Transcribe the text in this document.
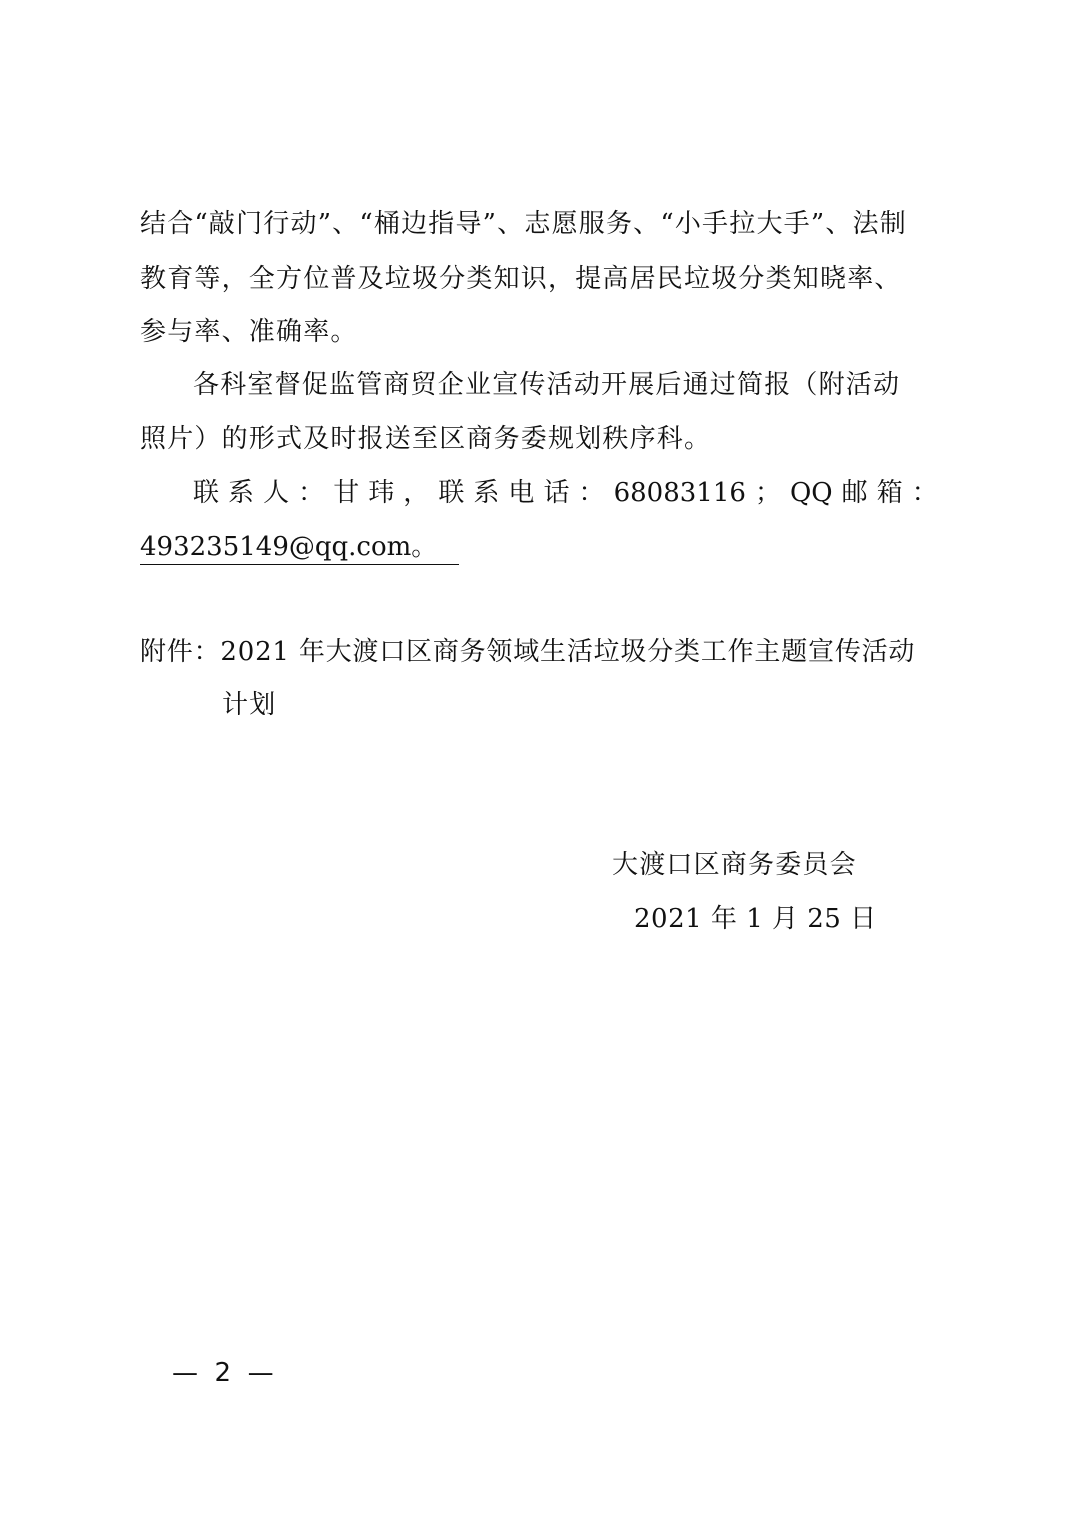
结合“敲门行动”、“桶边指导”、志愿服务、“小手拉大手”、法制
教育等，全方位普及垃圾分类知识，提高居民垃圾分类知晓率、
参与率、准确率。
各科室督促监管商贸企业宣传活动开展后通过简报（附活动
照片）的形式及时报送至区商务委规划秩序科。
联 系 人 ： 甘 玮 ， 联 系 电 话 ： 68083116 ； QQ 邮 箱 ：
493235149@qq.com。
附件：2021 年大渡口区商务领域生活垃圾分类工作主题宣传活动
计划
大渡口区商务委员会
2021 年 1 月 25 日
—  2  —
